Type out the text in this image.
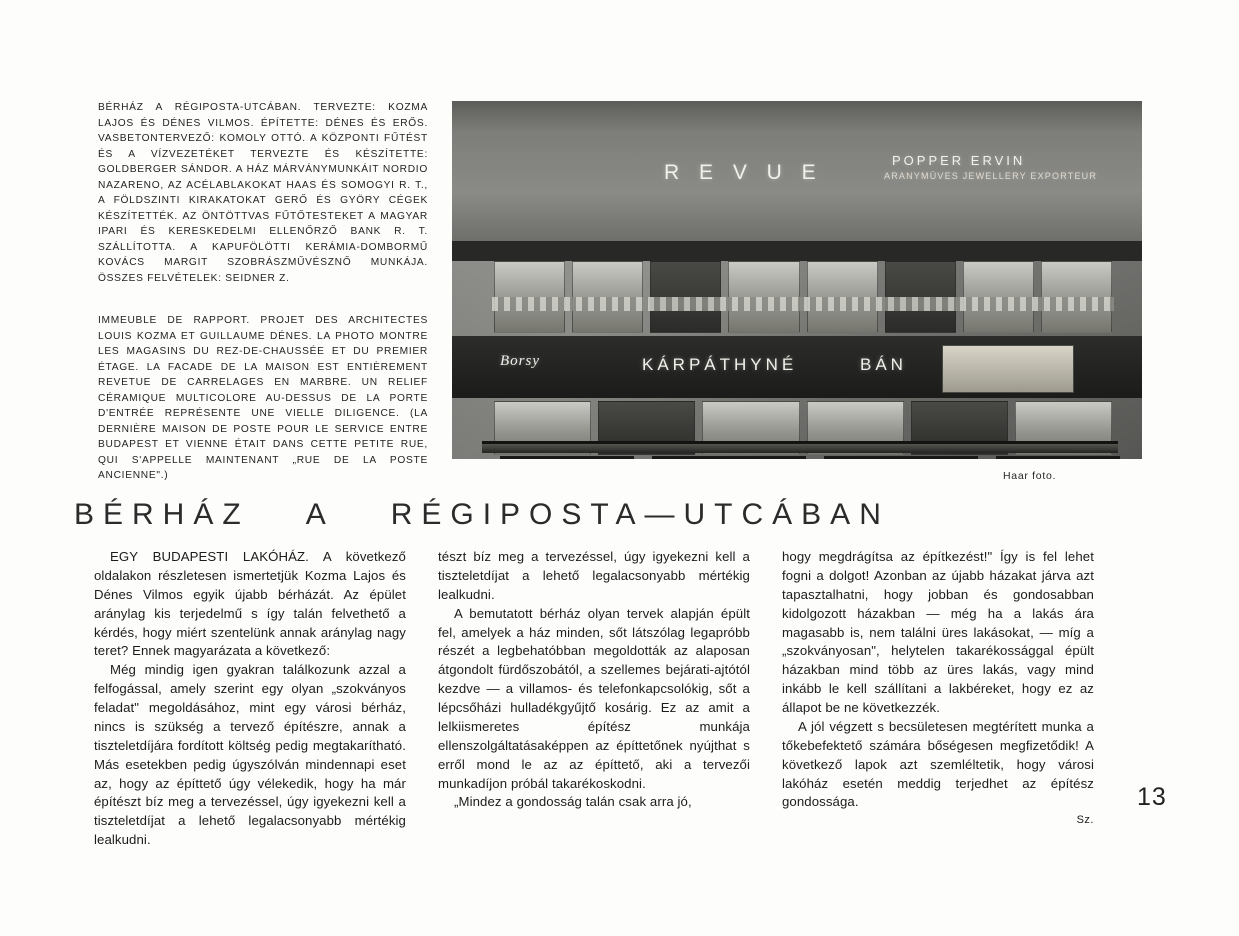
BÉRHÁZ A RÉGIPOSTA-UTCÁBAN. TERVEZTE: KOZMA LAJOS ÉS DÉNES VILMOS. ÉPÍTETTE: DÉNES ÉS ERŐS. VASBETONTERVEZŐ: KOMOLY OTTÓ. A KÖZPONTI FŰTÉST ÉS A VÍZVEZETÉKET TERVEZTE ÉS KÉSZÍTETTE: GOLDBERGER SÁNDOR. A HÁZ MÁRVÁNYMUNKÁIT NORDIO NAZARENO, AZ ACÉLABLAKOKAT HAAS ÉS SOMOGYI R. T., A FÖLDSZINTI KIRAKATOKAT GERŐ ÉS GYÖRY CÉGEK KÉSZÍTETTÉK. AZ ÖNTÖTTVAS FŰTŐTESTEKET A MAGYAR IPARI ÉS KERESKEDELMI ELLENŐRZŐ BANK R. T. SZÁLLÍTOTTA. A KAPUFÖLÖTTI KERÁMIA-DOMBORMŰ KOVÁCS MARGIT SZOBRÁSZMŰVÉSZNŐ MUNKÁJA. ÖSSZES FELVÉTELEK: SEIDNER Z.
IMMEUBLE DE RAPPORT. PROJET DES ARCHITECTES LOUIS KOZMA ET GUILLAUME DÉNES. LA PHOTO MONTRE LES MAGASINS DU REZ-DE-CHAUSSÉE ET DU PREMIER ÉTAGE. LA FACADE DE LA MAISON EST ENTIÈREMENT REVETUE DE CARRELAGES EN MARBRE. UN RELIEF CÉRAMIQUE MULTICOLORE AU-DESSUS DE LA PORTE D'ENTRÉE REPRÉSENTE UNE VIELLE DILIGENCE. (LA DERNIÈRE MAISON DE POSTE POUR LE SERVICE ENTRE BUDAPEST ET VIENNE ÉTAIT DANS CETTE PETITE RUE, QUI S'APPELLE MAINTENANT „RUE DE LA POSTE ANCIENNE".)
R E V U E
POPPER ERVIN
ARANYMÜVES JEWELLERY EXPORTEUR
KÁRPÁTHYNÉ	BÁN
Borsy
Haar foto.
BÉRHÁZ A RÉGIPOSTA—UTCÁBAN

EGY BUDAPESTI LAKÓHÁZ. A következő oldalakon részletesen ismertetjük Kozma Lajos és Dénes Vilmos egyik újabb bérházát. Az épület aránylag kis terjedelmű s így talán felvethető a kérdés, hogy miért szentelünk annak aránylag nagy teret? Ennek magyarázata a következő:

Még mindig igen gyakran találkozunk azzal a felfogással, amely szerint egy olyan „szokványos feladat" megoldásához, mint egy városi bérház, nincs is szükség a tervező építészre, annak a tiszteletdíjára fordított költség pedig megtakarítható. Más esetekben pedig úgyszólván mindennapi eset az, hogy az építtető úgy vélekedik, hogy ha már építészt bíz meg a tervezéssel, úgy igyekezni kell a tiszteletdíjat a lehető legalacsonyabb mértékig lealkudni.

tészt bíz meg a tervezéssel, úgy igyekezni kell a tiszteletdíjat a lehető legalacsonyabb mértékig lealkudni.

A bemutatott bérház olyan tervek alapján épült fel, amelyek a ház minden, sőt látszólag legapróbb részét a legbehatóbban megoldották az alaposan átgondolt fürdőszobától, a szellemes bejárati-ajtótól kezdve — a villamos- és telefonkapcsolókig, sőt a lépcsőházi hulladékgyűjtő kosárig. Ez az amit a lelkiismeretes építész munkája ellenszolgáltatásaképpen az építtetőnek nyújthat s erről mond le az az építtető, aki a tervezői munkadíjon próbál takarékoskodni.

„Mindez a gondosság talán csak arra jó,

hogy megdrágítsa az építkezést!" Így is fel lehet fogni a dolgot! Azonban az újabb házakat járva azt tapasztalhatni, hogy jobban és gondosabban kidolgozott házakban — még ha a lakás ára magasabb is, nem találni üres lakásokat, — míg a „szokványosan", helytelen takarékossággal épült házakban mind több az üres lakás, vagy mind inkább le kell szállítani a lakbéreket, hogy ez az állapot be ne következzék.

A jól végzett s becsületesen megtérített munka a tőkebefektető számára bőségesen megfizetődik! A következő lapok azt szemléltetik, hogy városi lakóház esetén meddig terjedhet az építész gondossága.

Sz.
13
